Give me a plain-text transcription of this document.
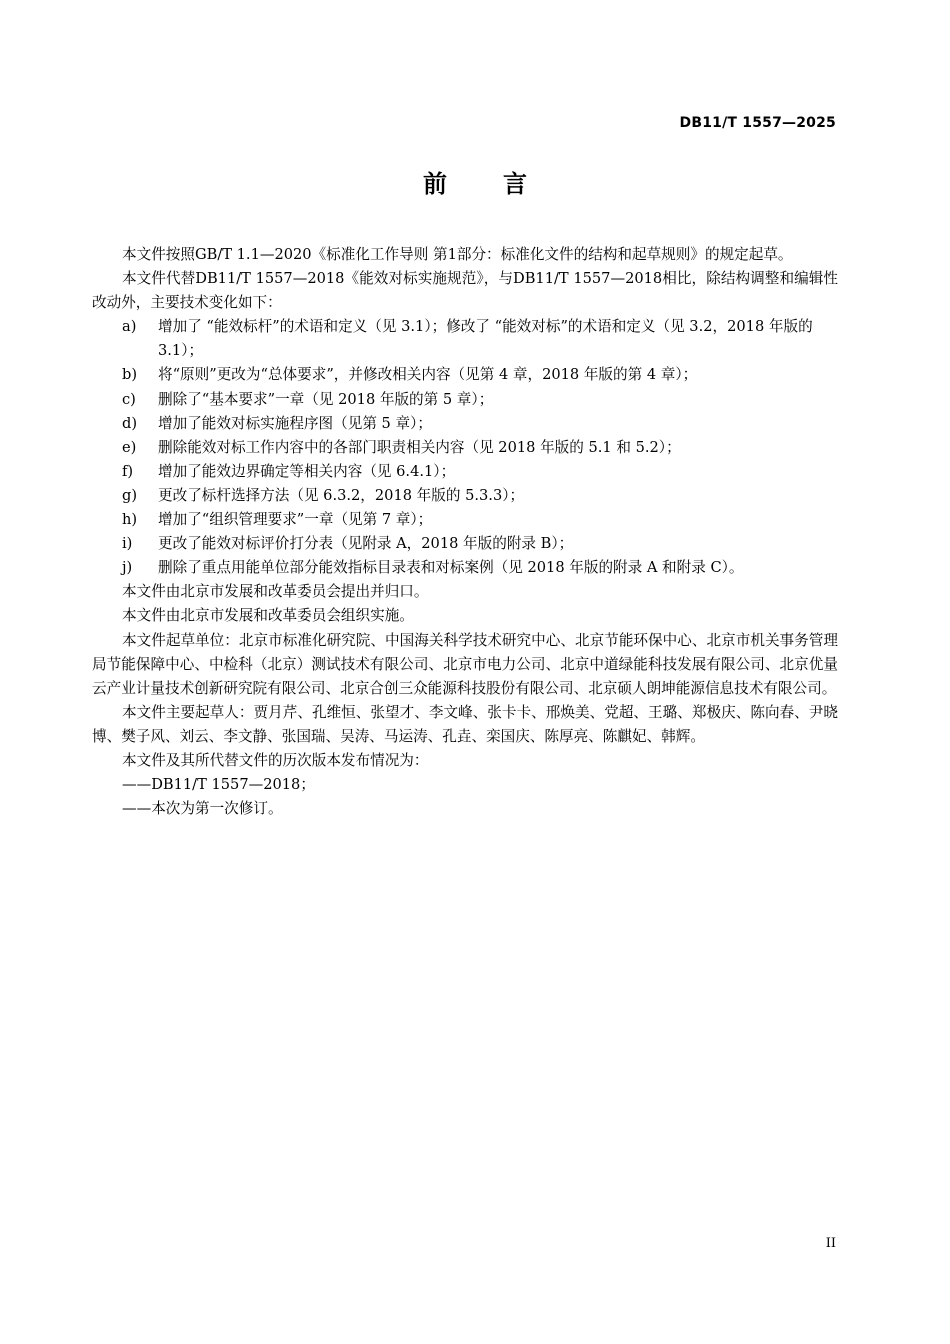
DB11/T 1557—2025
前言

本文件按照GB/T 1.1—2020《标准化工作导则 第1部分：标准化文件的结构和起草规则》的规定起草。

本文件代替DB11/T 1557—2018《能效对标实施规范》，与DB11/T 1557—2018相比，除结构调整和编辑性改动外，主要技术变化如下：

a) 增加了 “能效标杆”的术语和定义（见 3.1）；修改了 “能效对标”的术语和定义（见 3.2，2018 年版的 3.1）；
b) 将“原则”更改为“总体要求”，并修改相关内容（见第 4 章，2018 年版的第 4 章）；
c) 删除了“基本要求”一章（见 2018 年版的第 5 章）；
d) 增加了能效对标实施程序图（见第 5 章）；
e) 删除能效对标工作内容中的各部门职责相关内容（见 2018 年版的 5.1 和 5.2）；
f) 增加了能效边界确定等相关内容（见 6.4.1）；
g) 更改了标杆选择方法（见 6.3.2，2018 年版的 5.3.3）；
h) 增加了“组织管理要求”一章（见第 7 章）；
i) 更改了能效对标评价打分表（见附录 A，2018 年版的附录 B）；
j) 删除了重点用能单位部分能效指标目录表和对标案例（见 2018 年版的附录 A 和附录 C）。

本文件由北京市发展和改革委员会提出并归口。

本文件由北京市发展和改革委员会组织实施。

本文件起草单位：北京市标准化研究院、中国海关科学技术研究中心、北京节能环保中心、北京市机关事务管理局节能保障中心、中检科（北京）测试技术有限公司、北京市电力公司、北京中道绿能科技发展有限公司、北京优量云产业计量技术创新研究院有限公司、北京合创三众能源科技股份有限公司、北京硕人朗坤能源信息技术有限公司。

本文件主要起草人：贾月芹、孔维恒、张望才、李文峰、张卡卡、邢焕美、党超、王璐、郑极庆、陈向春、尹晓博、樊子风、刘云、李文静、张国瑞、吴涛、马运涛、孔垚、栾国庆、陈厚亮、陈麒妃、韩辉。

本文件及其所代替文件的历次版本发布情况为：

——DB11/T 1557—2018；

——本次为第一次修订。

II
